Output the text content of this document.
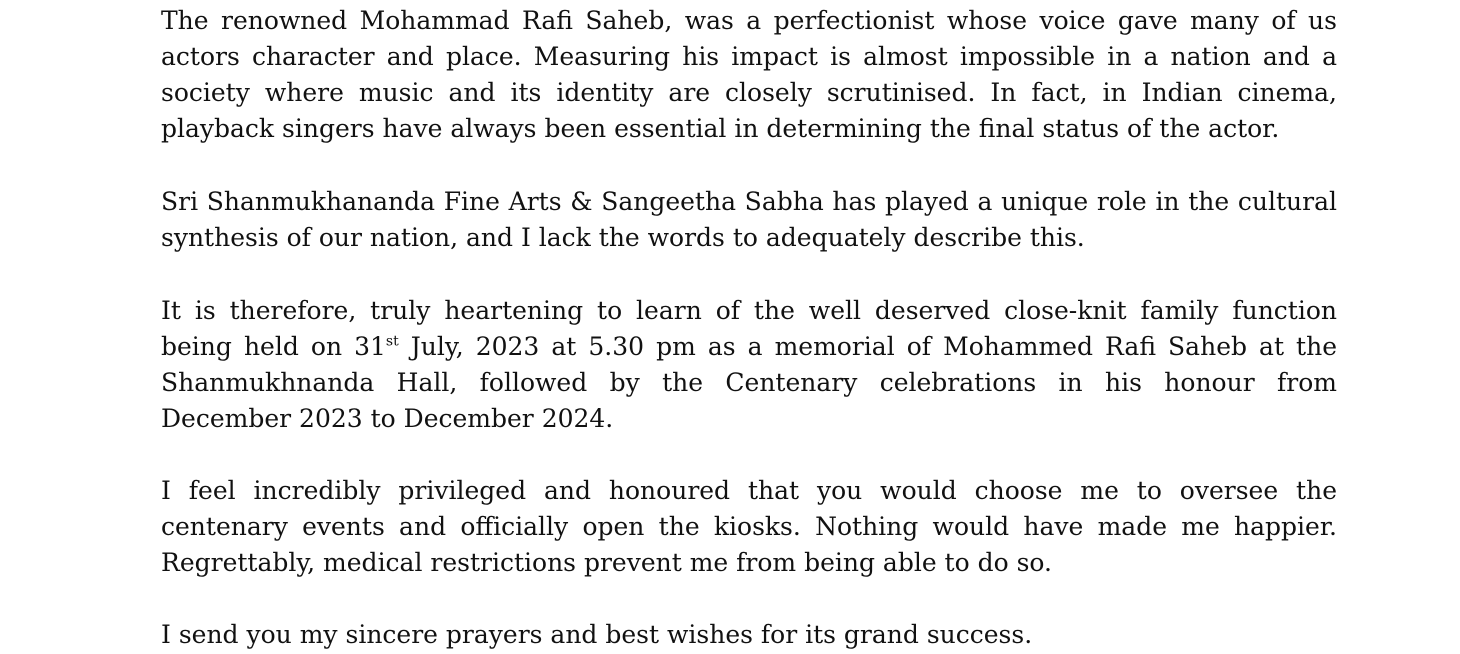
The renowned Mohammad Rafi Saheb, was a perfectionist whose voice gave many of us
actors character and place. Measuring his impact is almost impossible in a nation and a
society where music and its identity are closely scrutinised. In fact, in Indian cinema,
playback singers have always been essential in determining the final status of the actor.
Sri Shanmukhananda Fine Arts & Sangeetha Sabha has played a unique role in the cultural
synthesis of our nation, and I lack the words to adequately describe this.
It is therefore, truly heartening to learn of the well deserved close-knit family function
being held on 31st July, 2023 at 5.30 pm as a memorial of Mohammed Rafi Saheb at the
Shanmukhnanda Hall, followed by the Centenary celebrations in his honour from
December 2023 to December 2024.
I feel incredibly privileged and honoured that you would choose me to oversee the
centenary events and officially open the kiosks. Nothing would have made me happier.
Regrettably, medical restrictions prevent me from being able to do so.
I send you my sincere prayers and best wishes for its grand success.
